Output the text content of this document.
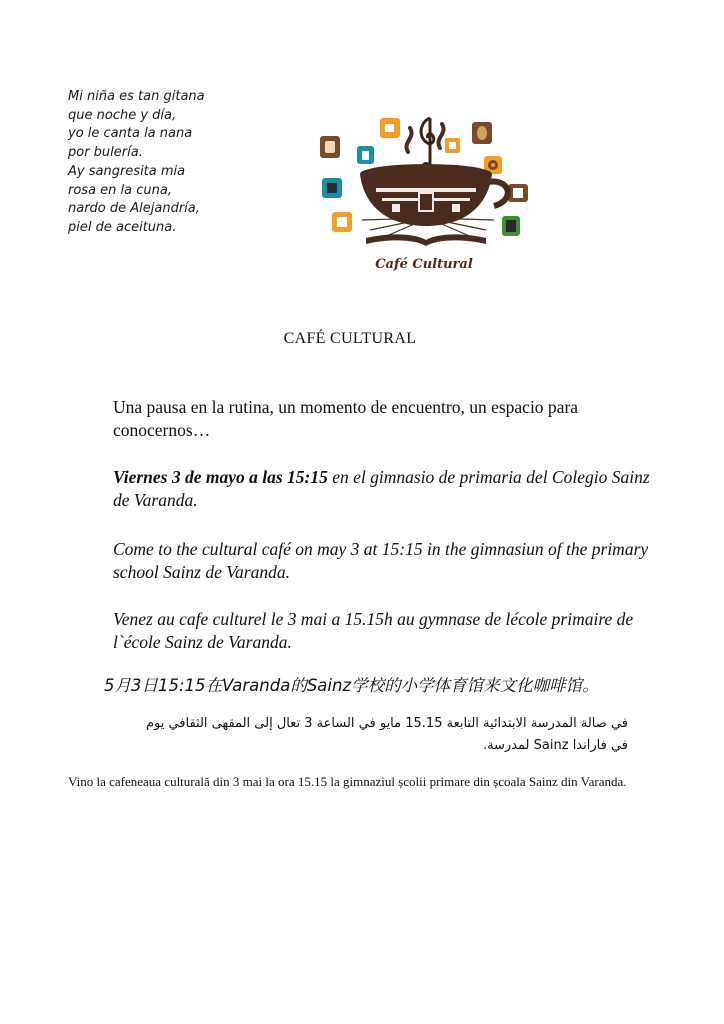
Mi niña es tan gitana
que noche y día,
yo le canta la nana
por bulería.
Ay sangresita mia
rosa en la cuna,
nardo de Alejandría,
piel de aceituna.
Café Cultural
CAFÉ CULTURAL
Una pausa en la rutina, un momento de encuentro, un espacio para conocernos…
Viernes 3 de mayo a las 15:15 en el gimnasio de primaria del Colegio Sainz de Varanda.
Come to the cultural café on may 3 at 15:15 in the gimnasiun of the primary school Sainz de Varanda.
Venez au cafe culturel le 3 mai a 15.15h au gymnase de lécole primaire de l`école Sainz de Varanda.
5月3日15:15在Varanda的Sainz学校的小学体育馆来文化咖啡馆。
في صالة المدرسة الابتدائية التابعة 15.15 مايو في الساعة 3 تعال إلى المقهى الثقافي يوم
في فاراندا Sainz لمدرسة.
Vino la cafeneaua culturală din 3 mai la ora 15.15 la gimnaziul școlii primare din școala Sainz din Varanda.
